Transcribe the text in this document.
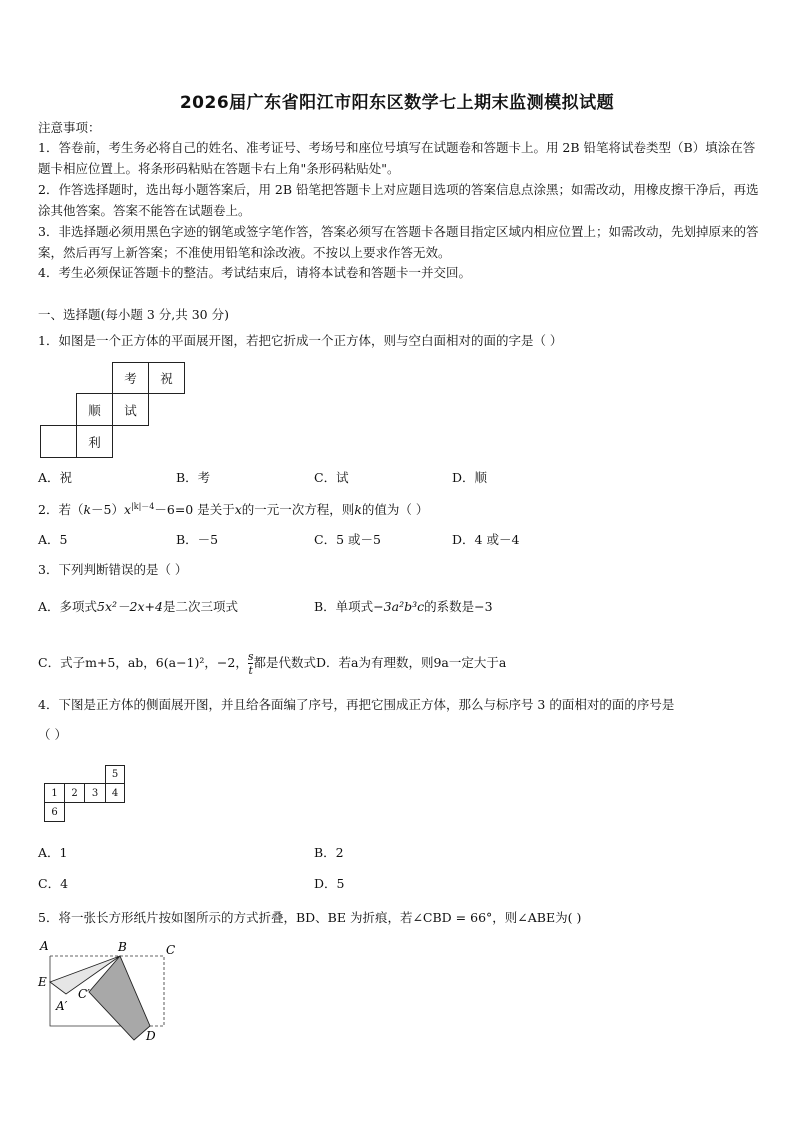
2026届广东省阳江市阳东区数学七上期末监测模拟试题
注意事项：
1．答卷前，考生务必将自己的姓名、准考证号、考场号和座位号填写在试题卷和答题卡上。用 2B 铅笔将试卷类型（B）填涂在答题卡相应位置上。将条形码粘贴在答题卡右上角"条形码粘贴处"。
2．作答选择题时，选出每小题答案后，用 2B 铅笔把答题卡上对应题目选项的答案信息点涂黑；如需改动，用橡皮擦干净后，再选涂其他答案。答案不能答在试题卷上。
3．非选择题必须用黑色字迹的钢笔或签字笔作答，答案必须写在答题卡各题目指定区域内相应位置上；如需改动，先划掉原来的答案，然后再写上新答案；不准使用铅笔和涂改液。不按以上要求作答无效。
4．考生必须保证答题卡的整洁。考试结束后，请将本试卷和答题卡一并交回。
一、选择题(每小题 3 分,共 30 分)
1．如图是一个正方体的平面展开图，若把它折成一个正方体，则与空白面相对的面的字是（ ）
考	祝
顺	试
利
A．祝	B．考	C．试	D．顺
2．若$(k-5)x^{|k|-4}-6=0$ 是关于x的一元一次方程，则k的值为（ ）
A．5	B．－5	C．5 或－5	D．4 或－4
3．下列判断错误的是（ ）
A．多项式5x²－2x+4是二次三项式	B．单项式−3a²b³c的系数是−3
C．式子m+5，ab，6(a−1)²，−2， $\frac{s}{t}$ 都是代数式D．若a为有理数，则9a一定大于a
4．下图是正方体的侧面展开图，并且给各面编了序号，再把它围成正方体，那么与标序号 3 的面相对的面的序号是
（ ）
5
1	2	3	4
6
A．1	B．2
C．4	D．5
5．将一张长方形纸片按如图所示的方式折叠，BD、BE 为折痕，若∠CBD = 66°，则∠ABE为( )
A	B	C
E
A′
C′
D
